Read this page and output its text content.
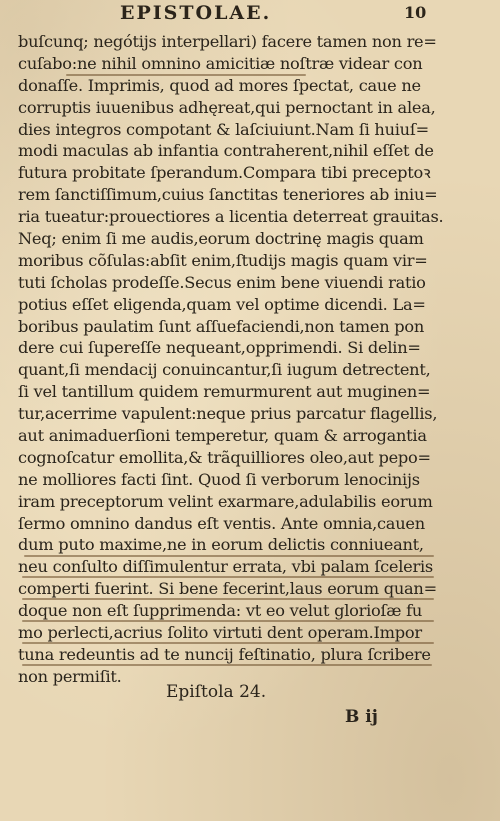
EPISTOLAE.	10
buſcunq; negótijs interpellari) facere tamen non re=
cuſabo:ne nihil omnino amicitiæ noſtræ videar con
donaſſe. Imprimis, quod ad mores ſpectat, caue ne
corruptis iuuenibus adhęreat,qui pernoctant in alea,
dies integros compotant & laſciuiunt.Nam ſi huiuſ=
modi maculas ab infantia contraherent,nihil eſſet de
futura probitate ſperandum.Compara tibi preceptoꝛ
rem ſanctiſſimum,cuius ſanctitas teneriores ab iniu=
ria tueatur:prouectiores a licentia deterreat grauitas.
Neq; enim ſi me audis,eorum doctrinę magis quam
moribus cõſulas:abſit enim,ſtudijs magis quam vir=
tuti ſcholas prodeſſe.Secus enim bene viuendi ratio
potius eſſet eligenda,quam vel optime dicendi. La=
boribus paulatim ſunt aſſuefaciendi,non tamen pon
dere cui ſupereſſe nequeant,opprimendi. Si delin=
quant,ſi mendacij conuincantur,ſi iugum detrectent,
ſi vel tantillum quidem remurmurent aut muginen=
tur,acerrime vapulent:neque prius parcatur flagellis,
aut animaduerſioni temperetur, quam & arrogantia
cognoſcatur emollita,& trãquilliores oleo,aut pepo=
ne molliores facti ſint. Quod ſi verborum lenocinijs
iram preceptorum velint exarmare,adulabilis eorum
ſermo omnino dandus eſt ventis. Ante omnia,cauen
dum puto maxime,ne in eorum delictis conniueant,
neu conſulto diſſimulentur errata, vbi palam ſceleris
comperti fuerint. Si bene fecerint,laus eorum quan=
doque non eſt ſupprimenda: vt eo velut glorioſæ fu
mo perlecti,acrius ſolito virtuti dent operam.Impor
tuna redeuntis ad te nuncij feſtinatio, plura ſcribere
non permiſit.
Epiſtola 24.
B ij
